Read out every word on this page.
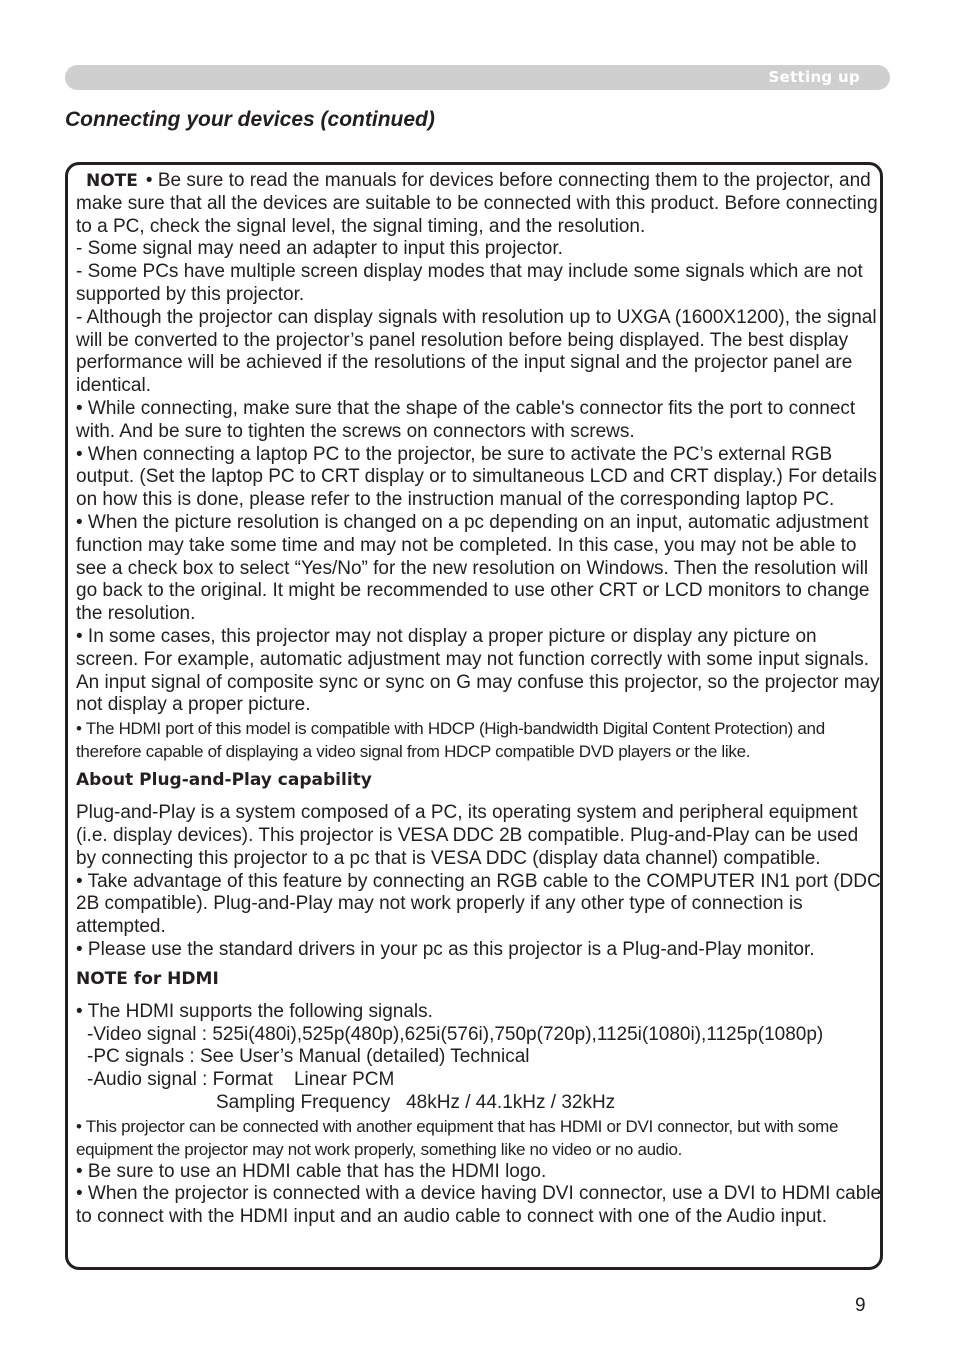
Setting up
Connecting your devices (continued)

NOTE • Be sure to read the manuals for devices before connecting them to the projector, and make sure that all the devices are suitable to be connected with this product. Before connecting to a PC, check the signal level, the signal timing, and the resolution.

- Some signal may need an adapter to input this projector.

- Some PCs have multiple screen display modes that may include some signals which are not supported by this projector.

- Although the projector can display signals with resolution up to UXGA (1600X1200), the signal will be converted to the projector’s panel resolution before being displayed. The best display performance will be achieved if the resolutions of the input signal and the projector panel are identical.

• While connecting, make sure that the shape of the cable's connector fits the port to connect with. And be sure to tighten the screws on connectors with screws.

• When connecting a laptop PC to the projector, be sure to activate the PC’s external RGB output. (Set the laptop PC to CRT display or to simultaneous LCD and CRT display.) For details on how this is done, please refer to the instruction manual of the corresponding laptop PC.

• When the picture resolution is changed on a pc depending on an input, automatic adjustment function may take some time and may not be completed. In this case, you may not be able to see a check box to select “Yes/No” for the new resolution on Windows. Then the resolution will go back to the original. It might be recommended to use other CRT or LCD monitors to change the resolution.

• In some cases, this projector may not display a proper picture or display any picture on screen. For example, automatic adjustment may not function correctly with some input signals. An input signal of composite sync or sync on G may confuse this projector, so the projector may not display a proper picture.

• The HDMI port of this model is compatible with HDCP (High-bandwidth Digital Content Protection) and therefore capable of displaying a video signal from HDCP compatible DVD players or the like.

About Plug-and-Play capability

Plug-and-Play is a system composed of a PC, its operating system and peripheral equipment (i.e. display devices). This projector is VESA DDC 2B compatible. Plug-and-Play can be used by connecting this projector to a pc that is VESA DDC (display data channel) compatible.

• Take advantage of this feature by connecting an RGB cable to the COMPUTER IN1 port (DDC 2B compatible). Plug-and-Play may not work properly if any other type of connection is attempted.

• Please use the standard drivers in your pc as this projector is a Plug-and-Play monitor.

NOTE for HDMI

• The HDMI supports the following signals.

-Video signal : 525i(480i),525p(480p),625i(576i),750p(720p),1125i(1080i),1125p(1080p)

-PC signals : See User’s Manual (detailed) Technical

-Audio signal : Format    Linear PCM

Sampling Frequency   48kHz / 44.1kHz / 32kHz

• This projector can be connected with another equipment that has HDMI or DVI connector, but with some equipment the projector may not work properly, something like no video or no audio.

• Be sure to use an HDMI cable that has the HDMI logo.

• When the projector is connected with a device having DVI connector, use a DVI to HDMI cable to connect with the HDMI input and an audio cable to connect with one of the Audio input.

9
